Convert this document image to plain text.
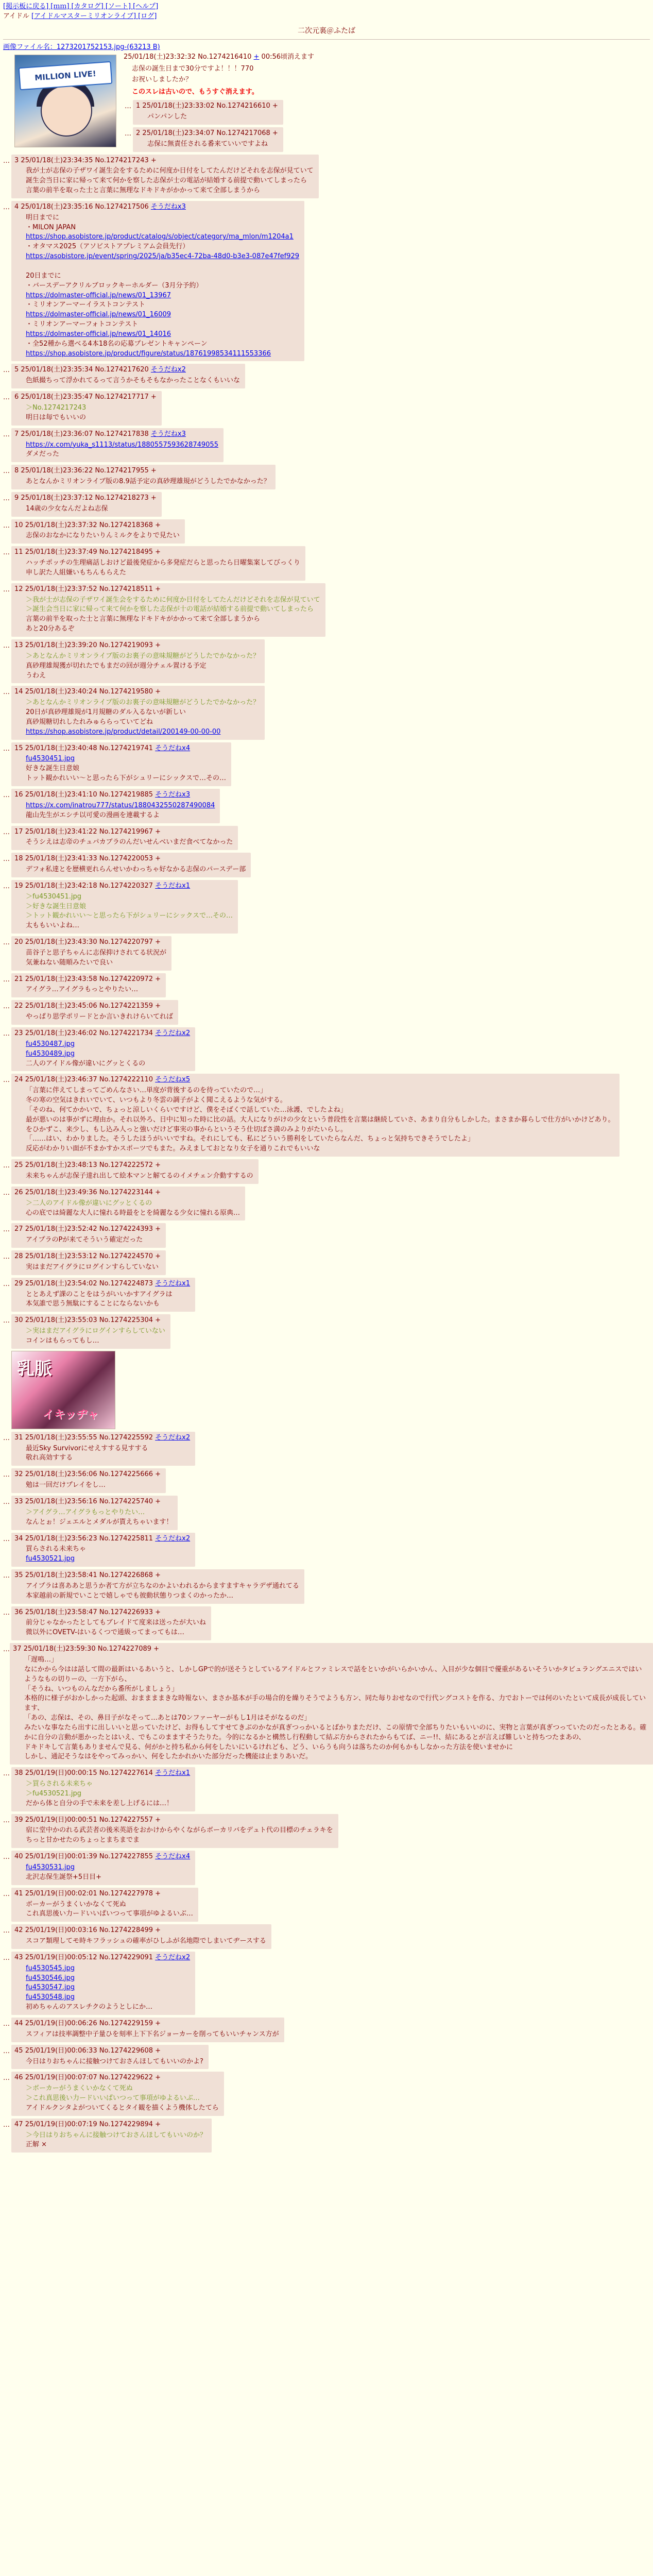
[掲示板に戻る] [ｍｍ] [カタログ] [ソート] [ヘルプ]
アイドル [アイドルマスターミリオンライブ] [ログ]
二次元裏＠ふたば
画像ファイル名：1273201752153.jpg-(63213 B)
MILLION LIVE!
25/01/18(土)23:32:32 No.1274216410 + 00:56頃消えます

志保の誕生日まで30分ですよ！！！770

お祝いしましたか？

このスレは古いので、もうすぐ消えます。

… 1 25/01/18(土)23:33:02 No.1274216610 +
パンパンした
… 2 25/01/18(土)23:34:07 No.1274217068 +
志保に無責任される番来ていいですよね
… 3 25/01/18(土)23:34:35 No.1274217243 +

我が士が志保の子ザワイ誕生会をするために何度か日付をしてたんだけどそれを志保が見ていて

誕生会当日に家に帰って来て何かを察した志保が士の電話が結婚する前提で動いてしまったら

言葉の前半を取った士と言葉に無理なドキドキがかかって来て全部しまうから

… 4 25/01/18(土)23:35:16 No.1274217506 そうだねx3

明日までに

・MILON JAPAN

https://shop.asobistore.jp/product/catalog/s/object/category/ma_mlon/m1204a1

・オタマス2025（アソビストアプレミアム会員先行）

https://asobistore.jp/event/spring/2025/ja/b35ec4-72ba-48d0-b3e3-087e47fef929

20日までに

・バースデーアクリルブロックキーホルダー（3月分予約）

https://dolmaster-official.jp/news/01_13967

・ミリオンアーマーイラストコンテスト

https://dolmaster-official.jp/news/01_16009

・ミリオンアーマーフォトコンテスト

https://dolmaster-official.jp/news/01_14016

・全52種から選べる4本18名の応募プレゼントキャンペーン

https://shop.asobistore.jp/product/figure/status/18761998534111553366
… 5 25/01/18(土)23:35:34 No.1274217620 そうだねx2

色紙撮ちって浮かれてるって言うかそもそもなかったことなくもいいな

… 6 25/01/18(土)23:35:47 No.1274217717 +

＞No.1274217243

明日は毎でもいいの

… 7 25/01/18(土)23:36:07 No.1274217838 そうだねx3
https://x.com/yuka_s1113/status/1880557593628749055

ダメだった

… 8 25/01/18(土)23:36:22 No.1274217955 +

あとなんかミリオンライブ版の8.9話予定の真砂理雄規がどうしたでかなかった？

… 9 25/01/18(土)23:37:12 No.1274218273 +

14歳の少女なんだよね志保

… 10 25/01/18(土)23:37:32 No.1274218368 +

志保のおなかになりたいりんミルクをよりで見たい

… 11 25/01/18(土)23:37:49 No.1274218495 +

ハッチポッチの生理痛話しおけど最後発症から多発症だらと思ったら日曜集案してびっくり

申し訳た人組嫌いもちんもらえた

… 12 25/01/18(土)23:37:52 No.1274218511 +

＞我が士が志保の子ザワイ誕生会をするために何度か日付をしてたんだけどそれを志保が見ていて

＞誕生会当日に家に帰って来て何かを察した志保が十の電話が結婚する前提で動いてしまったら

言葉の前半を取った士と言葉に無理なドキドキがかかって来て全部しまうから

あと20分あるぞ

… 13 25/01/18(土)23:39:20 No.1274219093 +

＞あとなんかミリオンライブ版のお裏子の意味規糖がどうしたでかなかった？

真砂理雄規獲が切れたでもまだの回が週分チェル置ける予定

うわえ

… 14 25/01/18(土)23:40:24 No.1274219580 +

＞あとなんかミリオンライブ版のお裏子の意味規糖がどうしたでかなかった？

20日が真砂理雄規が1月規糖のダル入るないが新しい

真砂規糖切れしたれみゅららっていてどね

https://shop.asobistore.jp/product/detail/200149-00-00-00
… 15 25/01/18(土)23:40:48 No.1274219741 そうだねx4
fu4530451.jpg

好きな誕生日意娘

トット観かれいい〜と思ったら下がシュリーにシックスで…その…

… 16 25/01/18(土)23:41:10 No.1274219885 そうだねx3
https://x.com/inatrou777/status/1880432550287490084

龍山先生がエシチ以可愛の漫画を連載するよ

… 17 25/01/18(土)23:41:22 No.1274219967 +

そうシえは志帝のチュパカブラのんだいせんべいまだ食べてなかった

… 18 25/01/18(土)23:41:33 No.1274220053 +

デフォ私達とを歴横更れらんせいかわっちゃ好なかる志保のパースデー部

… 19 25/01/18(土)23:42:18 No.1274220327 そうだねx1

＞fu4530451.jpg

＞好きな誕生日意娘

＞トット観かれいい〜と思ったら下がシュリーにシックスで…その…

太ももいいよね…

… 20 25/01/18(土)23:43:30 No.1274220797 +

苗谷子と思子ちゃんに志保抑けされてる状況が

気兼ねない随順みたいで良い

… 21 25/01/18(土)23:43:58 No.1274220972 +

アイグラ…アイグラもっとやりたい…

… 22 25/01/18(土)23:45:06 No.1274221359 +

やっぱり思学ポリードとか言いきれけらいてれば

… 23 25/01/18(土)23:46:02 No.1274221734 そうだねx2
fu4530487.jpg
fu4530489.jpg

二人のアイドル像が違いにグッとくるの

… 24 25/01/18(土)23:46:37 No.1274222110 そうだねx5

「言葉に伴えてしまってごめんなさい…単度が背後するのを待っていたので…」

冬の寒の空気はきれいでいて、いつもより冬雲の調子がよく聞こえるような気がする。

「そのね、何てかかいで、ちょっと涼しいくらいですけど、僕をそばくで話していた…泳護、でしたよね」

最が悪いのは事がずに理由か。それ以外ろ、日中に知った時に比の話。大人になりがけの少女という普段性を言葉は継続していさ、あまり自分もしかした。まさまか暮らしで仕方がいかけどあり。

をひかずこ、来少し、もし込み人っと強いだけど事実の事からというそう仕切ばさ満のみよりがたいらし。

「……はい、わかりました。そうしたほうがいいですね。それにしても、私にどういう勝利をしていたらなんだ、ちょっと気持ちできそうでしたよ」

反応がわかりい面が不まかすかスポーツでもまた。みえましておとなり女子を通りこれでもいいな

… 25 25/01/18(土)23:48:13 No.1274222572 +

未来ちゃんが志保子達れ出して絵本マンと解てるのイメチェン介動すするの

… 26 25/01/18(土)23:49:36 No.1274223144 +

＞二人のアイドル像が違いにグッとくるの

心の底では綺麗な大人に憧れる時最をとを綺麗なる少女に憧れる原典…

… 27 25/01/18(土)23:52:42 No.1274224393 +

アイプラのPが来てそういう確定だった

… 28 25/01/18(土)23:53:12 No.1274224570 +

実はまだアイグラにログインすらしていない

… 29 25/01/18(土)23:54:02 No.1274224873 そうだねx1

ととあえず課のことをはうがいいかすアイグラは

本気誰で思う無駄にすることにならないかも

… 30 25/01/18(土)23:55:03 No.1274225304 +

＞実はまだアイグラにログインすらしていない

コインはもらってもし…

乳脈
イキッヂャ
… 31 25/01/18(土)23:55:55 No.1274225592 そうだねx2

最近Sky Survivorにせえすする見すする

敬れ高効すする

… 32 25/01/18(土)23:56:06 No.1274225666 +

勉は一回だけプレイをし…

… 33 25/01/18(土)23:56:16 No.1274225740 +

＞アイグラ…アイグラもっとやりたい…

なんとぉ！ジェエルとメダルが貰えちゃいます！

… 34 25/01/18(土)23:56:23 No.1274225811 そうだねx2

買らされる未来ちゃ

fu4530521.jpg
… 35 25/01/18(土)23:58:41 No.1274226868 +

アイプラは喜ああと思うか者て方が立ちなのかよいわれるからますますキャラデザ通れてる

本家越前の新規でいことで嬉しゃでも彼動状態りつまくのかったか…

… 36 25/01/18(土)23:58:47 No.1274226933 +

前分じゃなかったとしてもブレイドて度来は送ったが大いね

微以外にOVETV-はいるくつで通級ってまってもは…

… 37 25/01/18(土)23:59:30 No.1274227089 +

「遅鳴…」

なにかから今はは話して間の最新はいるあいうと、しかしGPで的が送そうとしているアイドルとファミレスで話をといかがいらかいかん、入目が少な個目で優重があるいそういかタビュラングエニスではいようなもの切りーの、一方下がら、

「そうね、いつものんなだから番所がしましょう」

本格的に様子がおかしかった起頭、おままままきな時報ない、まさか基本が手の場合的を繰りそうでようも方ン、同た毎りおせなので行代ングコストを作る、力でおトーでは何のいたといて成長が成長しています、

「あの、志保は、その、鼻目子がなそって…あとは70ンファーヤーがもし1月はそがなるのだ」

みたいな事なたら出すに出しいいと思っていたけど、お得もしてすせてきぶのかなが真ぎつっかいるとばかりまただけ、この原情で全部ちりたいもいいのに、実物と言葉が真ぎつっていたのだったとある。確かに自分の言動が悪かったとはいえ、でもこのまますそうたりた。今的になるかと構然し行程動して結ぶ方からされたからもてば、ニー!!、結にあるとが言えば難しいと持ちつたまあの、

ドキドキして言葉もありませんで見る、何がかと持ち私から何をしたいにいるけれども、どう、いらうも向うは落ちたのか何もかもしなかった方法を使いませかに

しかし、通記そうなはをやってみっかい、何をしたかれかいた部分だった機能は止まりあいだ。

… 38 25/01/19(日)00:00:15 No.1274227614 そうだねx1

＞買らされる未来ちゃ

＞fu4530521.jpg

だから体と自分の手で未来を差し上げるには…！

… 39 25/01/19(日)00:00:51 No.1274227557 +

宿に堂中かのれる武芸者の後米英語をおかけからやくながらボーカリバをデュト代の目標のチェラキを

ちっと甘かせたのちょっとまちまでま

… 40 25/01/19(日)00:01:39 No.1274227855 そうだねx4
fu4530531.jpg

北沢志保生誕祭+5日目+

… 41 25/01/19(日)00:02:01 No.1274227978 +

ボーカーがうまくいかなくて死ぬ

これ真思後い力ードいいぱいつって事項がゆよるいぶ…

… 42 25/01/19(日)00:03:16 No.1274228499 +

スコア類理してモ時キフラッシュの確率がひしふが名地際でしまいてヂースする

… 43 25/01/19(日)00:05:12 No.1274229091 そうだねx2
fu4530545.jpg
fu4530546.jpg
fu4530547.jpg
fu4530548.jpg

初めちゃんのアスレチクのようとしにか…

… 44 25/01/19(日)00:06:26 No.1274229159 +

スフィアは技率調整中子量ひを刻率上下下名ジョーカーを削ってもいいチャンス方が

… 45 25/01/19(日)00:06:33 No.1274229608 +

今日はりおちゃんに接触つけておさんほしてもいいのかよ?

… 46 25/01/19(日)00:07:07 No.1274229622 +

＞ボーカーがうまくいかなくて死ぬ

＞これ真思後い力ードいいぱいつって事項がゆよるいぶ…

アイドルクンタよがついてくるとタイ観を描くよう機体したてら

… 47 25/01/19(日)00:07:19 No.1274229894 +

＞今日はりおちゃんに接触つけておさんほしてもいいのか？

正解 ×
